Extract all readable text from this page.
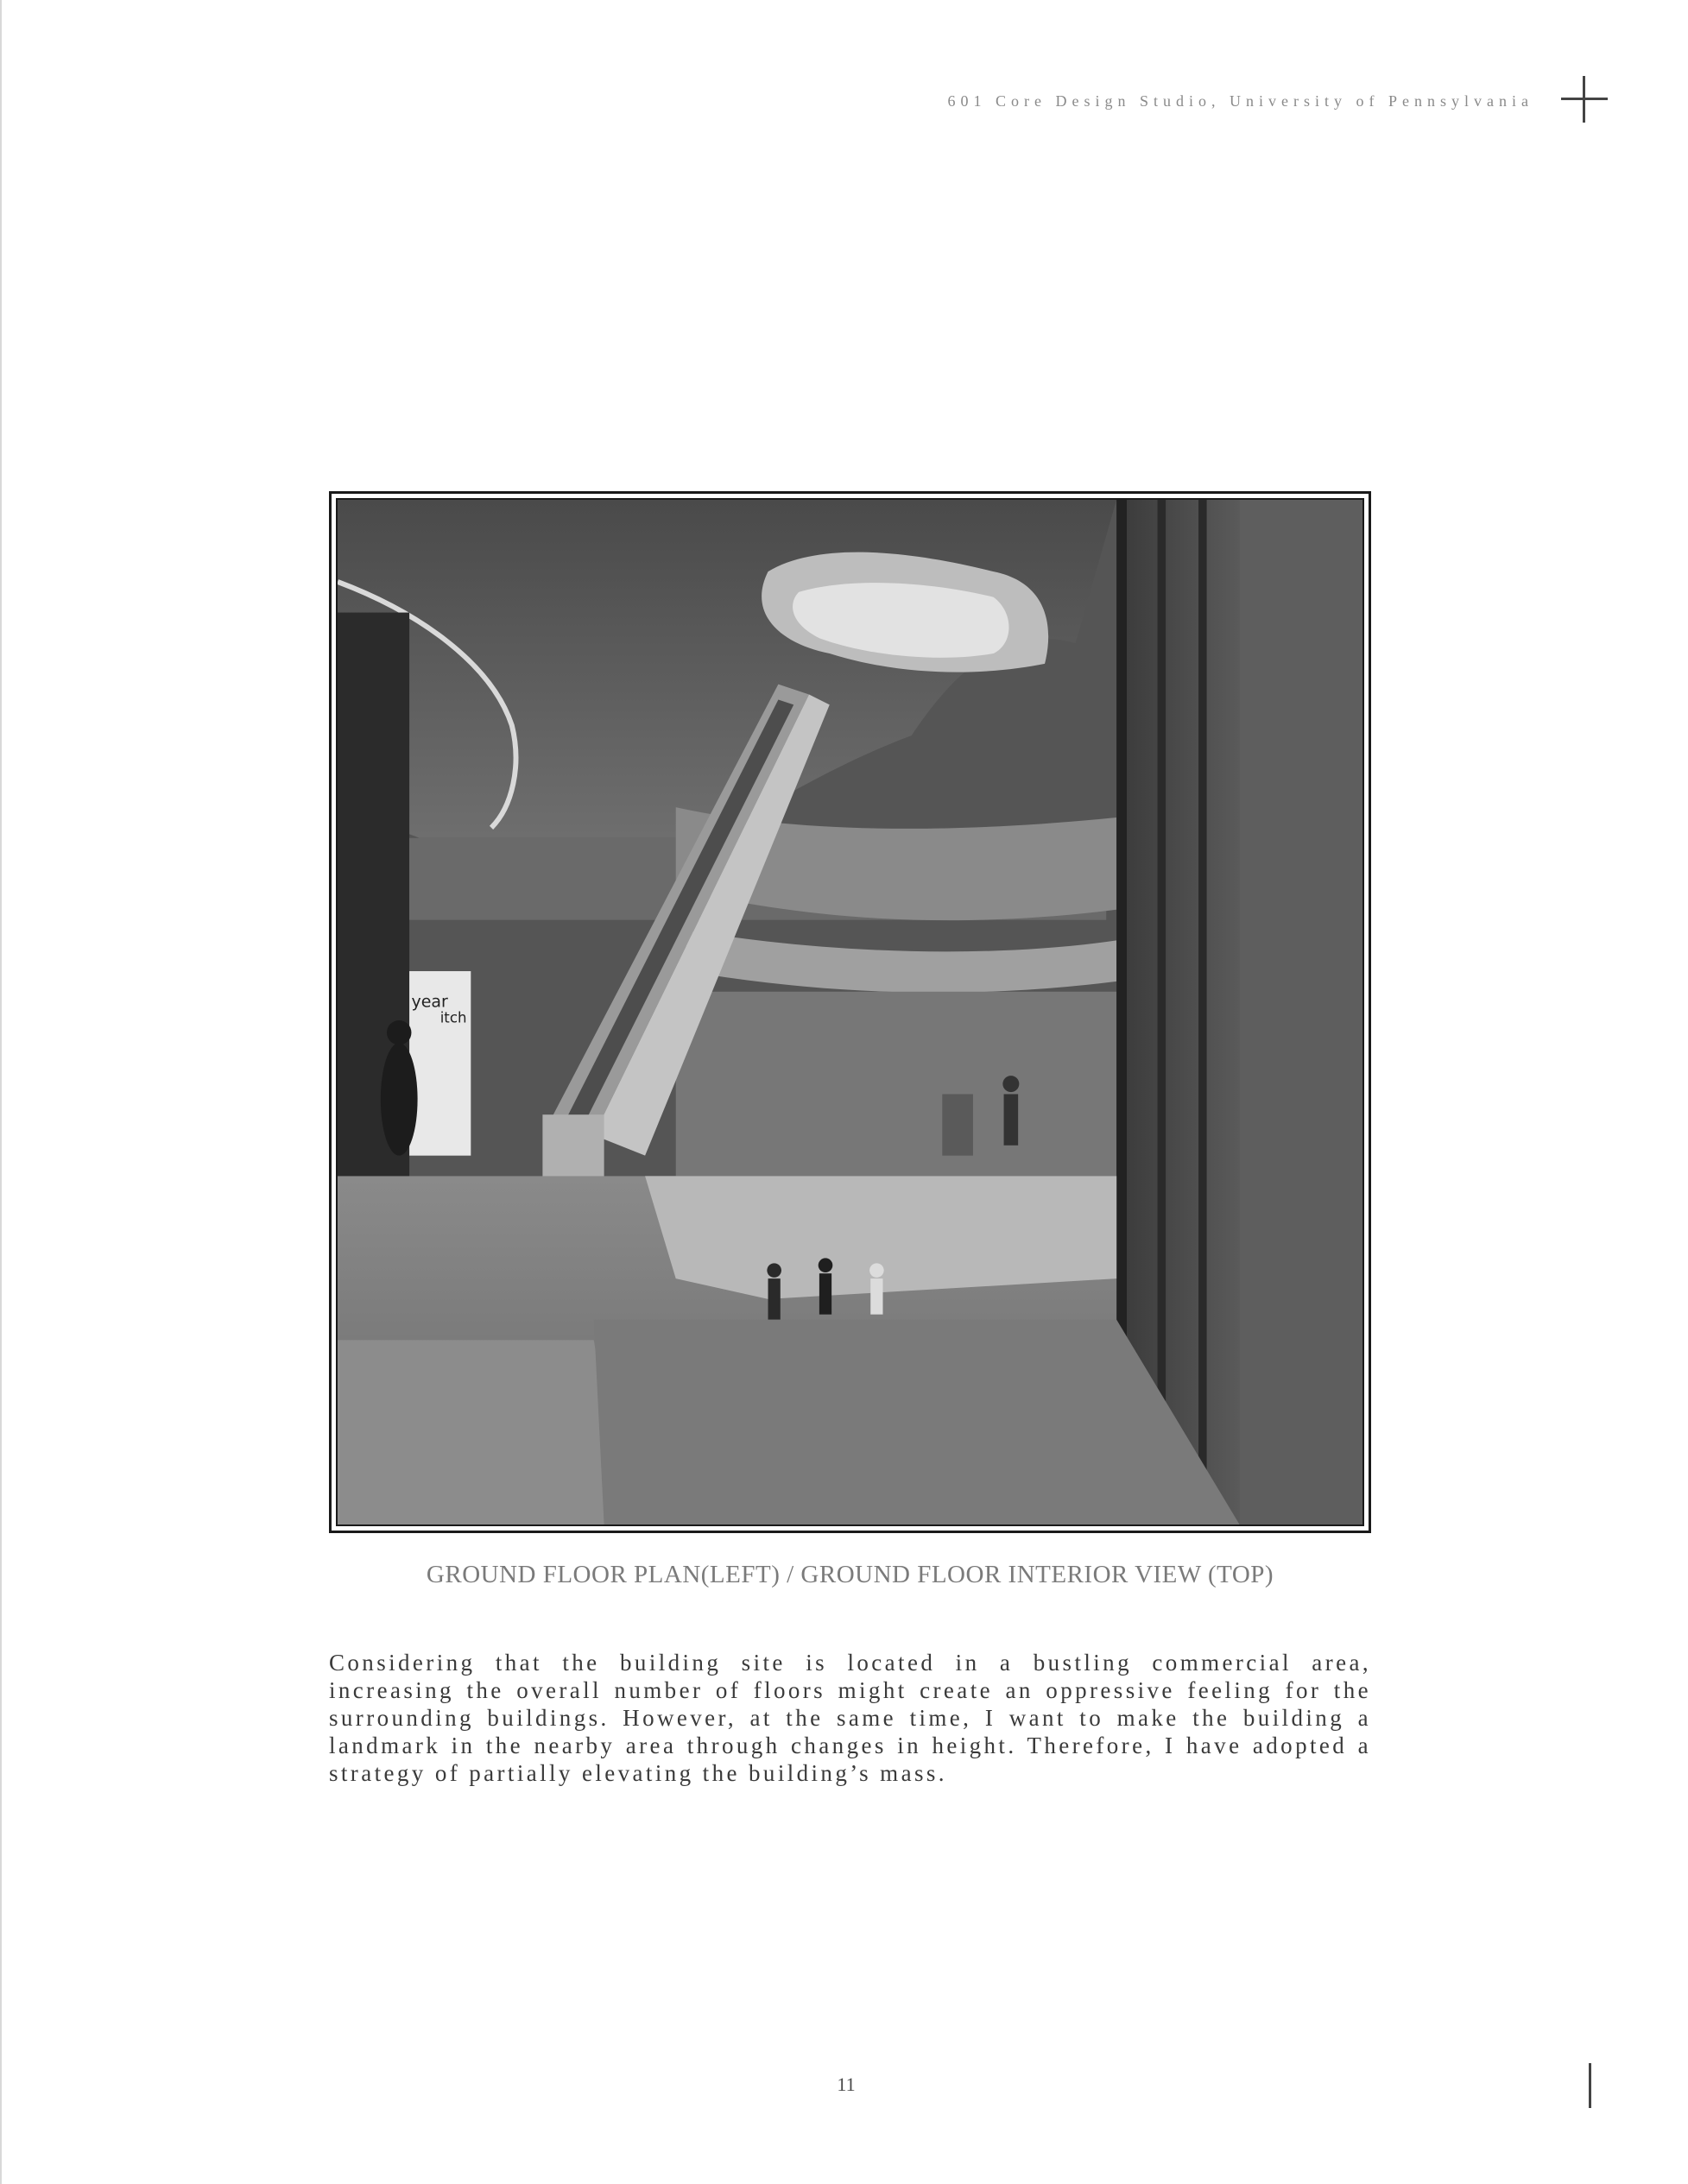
601 Core Design Studio, University of Pennsylvania
year
itch
GROUND FLOOR PLAN(LEFT) / GROUND FLOOR INTERIOR VIEW (TOP)
Considering that the building site is located in a bustling commercial area, increasing the overall number of floors might create an oppressive feeling for the surrounding buildings. However, at the same time, I want to make the building a landmark in the nearby area through changes in height. Therefore, I have adopted a strategy of partially elevating the building’s mass.
11
